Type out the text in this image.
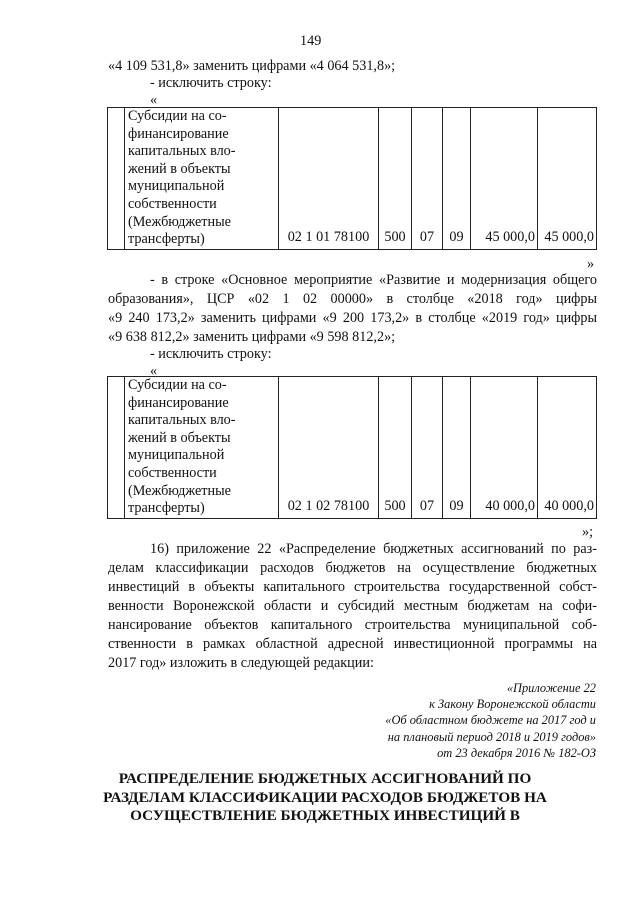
149
«4 109 531,8» заменить цифрами «4 064 531,8»;
- исключить строку:
«

Субсидии на со-
финансирование
капитальных вло-
жений в объекты
муниципальной
собственности
(Межбюджетные
трансферты)	02 1 01 78100	500	07	09	45 000,0	45 000,0
»
- в строке «Основное мероприятие «Развитие и модернизация общего
образования», ЦСР «02 1 02 00000» в столбце «2018 год» цифры
«9 240 173,2» заменить цифрами «9 200 173,2» в столбце «2019 год» цифры
«9 638 812,2» заменить цифрами «9 598 812,2»;
- исключить строку:
«

Субсидии на со-
финансирование
капитальных вло-
жений в объекты
муниципальной
собственности
(Межбюджетные
трансферты)	02 1 02 78100	500	07	09	40 000,0	40 000,0
»;
16) приложение 22 «Распределение бюджетных ассигнований по раз-
делам классификации расходов бюджетов на осуществление бюджетных
инвестиций в объекты капитального строительства государственной собст-
венности Воронежской области и субсидий местным бюджетам на софи-
нансирование объектов капитального строительства муниципальной соб-
ственности в рамках областной адресной инвестиционной программы на
2017 год» изложить в следующей редакции:
«Приложение 22
к Закону Воронежской области
«Об областном бюджете на 2017 год и
на плановый период 2018 и 2019 годов»
от 23 декабря 2016 № 182-ОЗ
РАСПРЕДЕЛЕНИЕ БЮДЖЕТНЫХ АССИГНОВАНИЙ ПО
РАЗДЕЛАМ КЛАССИФИКАЦИИ РАСХОДОВ БЮДЖЕТОВ НА
ОСУЩЕСТВЛЕНИЕ БЮДЖЕТНЫХ ИНВЕСТИЦИЙ В
